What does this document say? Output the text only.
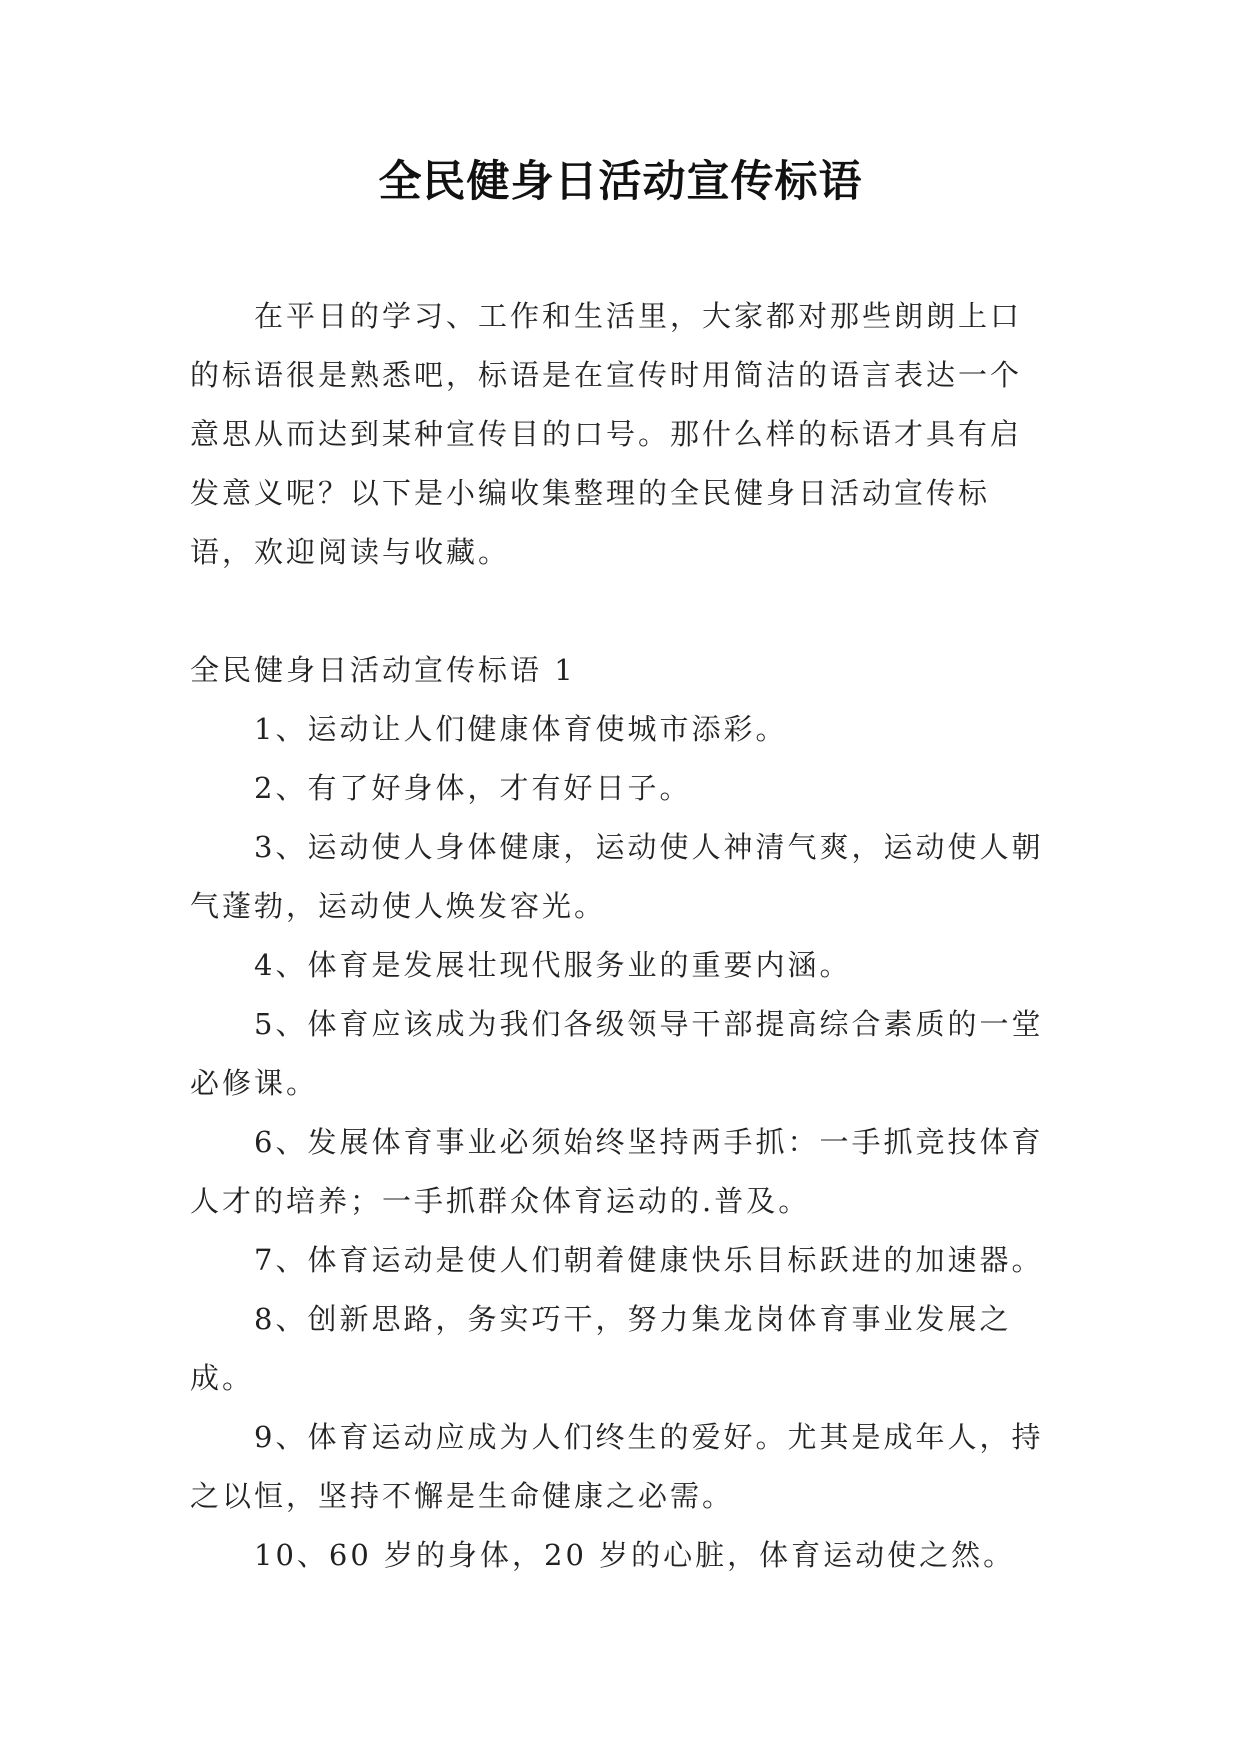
全民健身日活动宣传标语

在平日的学习、工作和生活里，大家都对那些朗朗上口的标语很是熟悉吧，标语是在宣传时用简洁的语言表达一个意思从而达到某种宣传目的口号。那什么样的标语才具有启发意义呢？以下是小编收集整理的全民健身日活动宣传标语，欢迎阅读与收藏。

全民健身日活动宣传标语 1

1、运动让人们健康体育使城市添彩。

2、有了好身体，才有好日子。

3、运动使人身体健康，运动使人神清气爽，运动使人朝气蓬勃，运动使人焕发容光。

4、体育是发展壮现代服务业的重要内涵。

5、体育应该成为我们各级领导干部提高综合素质的一堂必修课。

6、发展体育事业必须始终坚持两手抓：一手抓竞技体育人才的培养；一手抓群众体育运动的.普及。

7、体育运动是使人们朝着健康快乐目标跃进的加速器。

8、创新思路，务实巧干，努力集龙岗体育事业发展之成。

9、体育运动应成为人们终生的爱好。尤其是成年人，持之以恒，坚持不懈是生命健康之必需。

10、60 岁的身体，20 岁的心脏，体育运动使之然。
